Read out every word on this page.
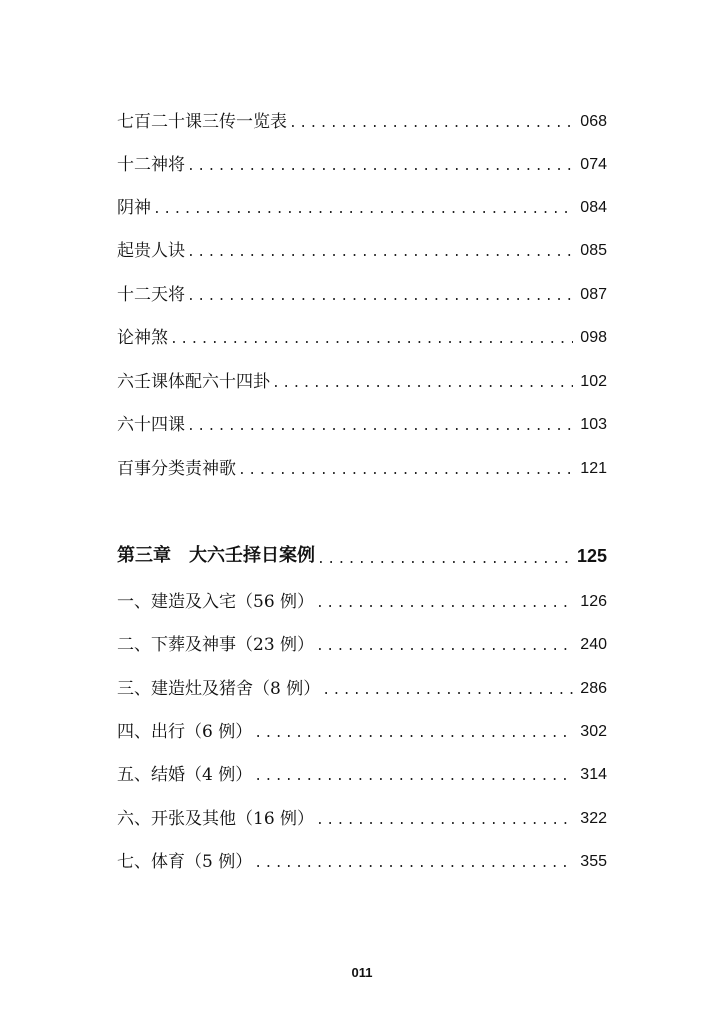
七百二十课三传一览表 .....	068
十二神将 .....	074
阴神 .....	084
起贵人诀 .....	085
十二天将 .....	087
论神煞 .....	098
六壬课体配六十四卦 .....	102
六十四课 .....	103
百事分类责神歌 .....	121
第三章 大六壬择日案例 .....	125
一、建造及入宅（56 例） .....	126
二、下葬及神事（23 例） .....	240
三、建造灶及猪舍（8 例） .....	286
四、出行（6 例） .....	302
五、结婚（4 例） .....	314
六、开张及其他（16 例） .....	322
七、体育（5 例） .....	355
011
